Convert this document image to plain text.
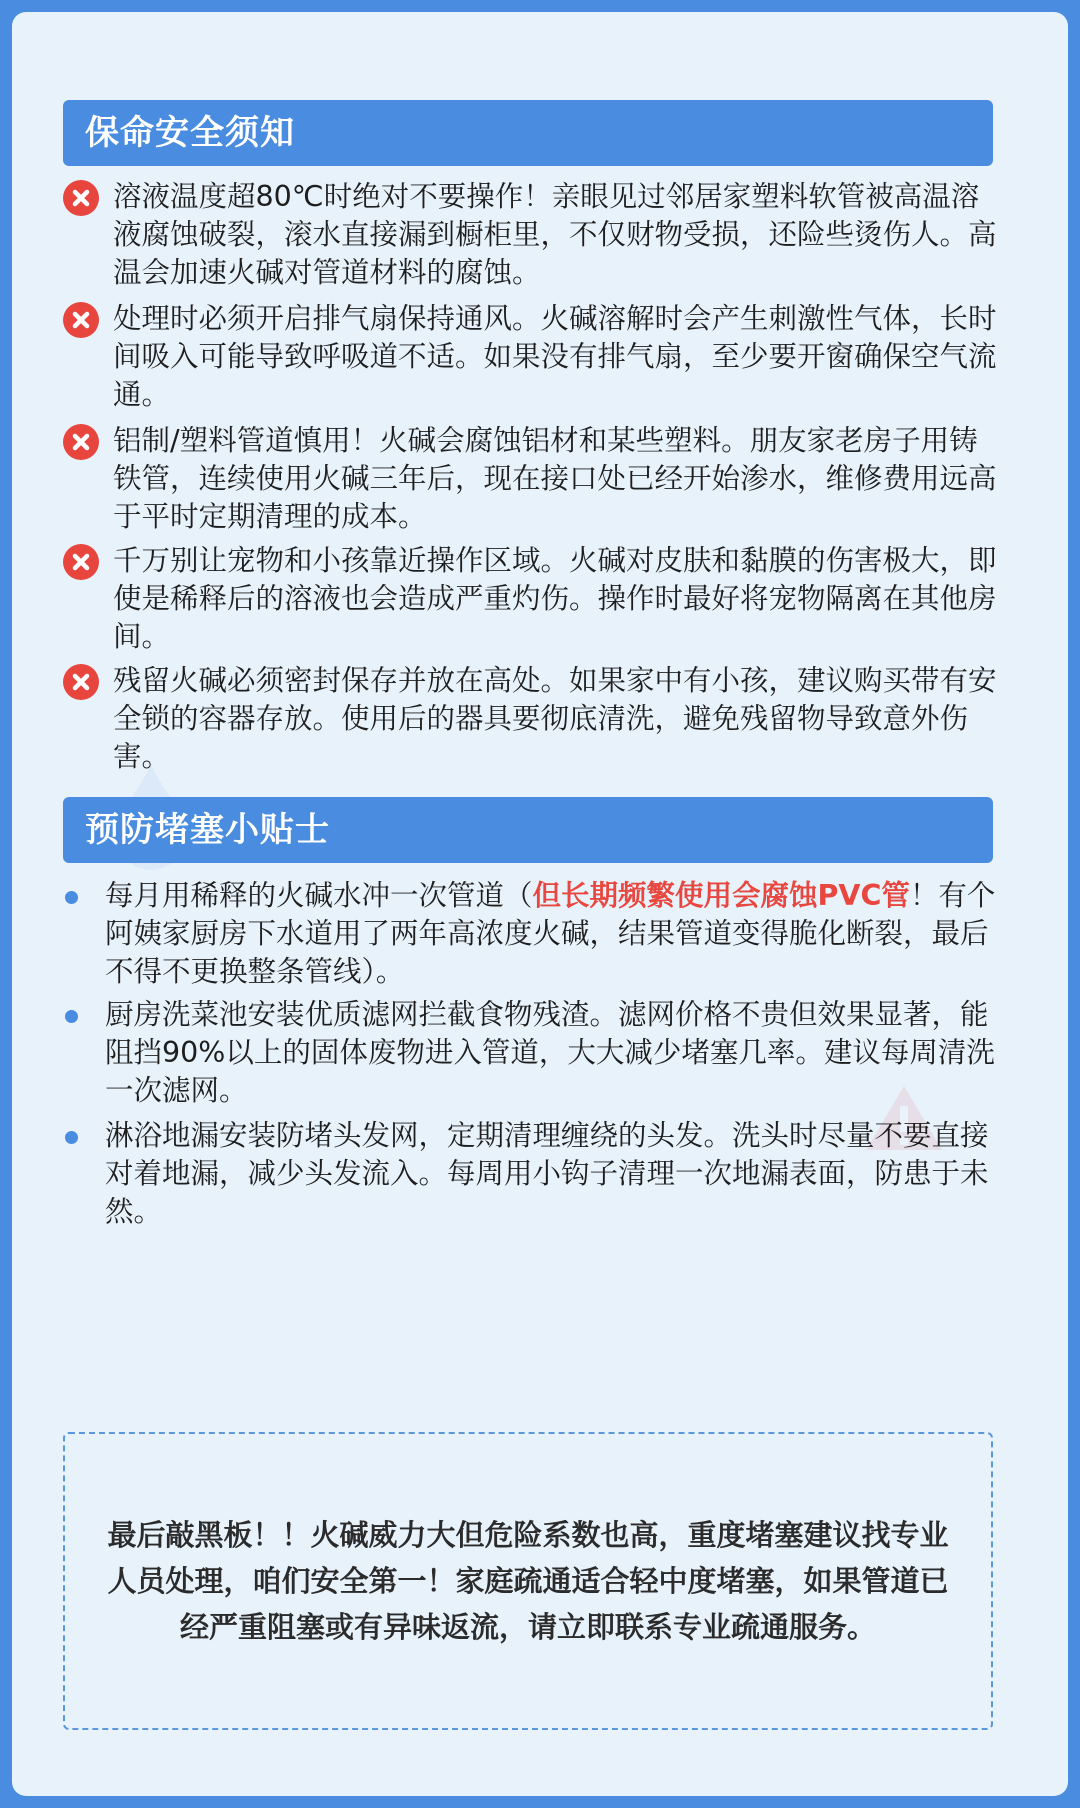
保命安全须知
溶液温度超80℃时绝对不要操作！亲眼见过邻居家塑料软管被高温溶液腐蚀破裂，滚水直接漏到橱柜里，不仅财物受损，还险些烫伤人。高温会加速火碱对管道材料的腐蚀。
处理时必须开启排气扇保持通风。火碱溶解时会产生刺激性气体，长时间吸入可能导致呼吸道不适。如果没有排气扇，至少要开窗确保空气流通。
铝制/塑料管道慎用！火碱会腐蚀铝材和某些塑料。朋友家老房子用铸铁管，连续使用火碱三年后，现在接口处已经开始渗水，维修费用远高于平时定期清理的成本。
千万别让宠物和小孩靠近操作区域。火碱对皮肤和黏膜的伤害极大，即使是稀释后的溶液也会造成严重灼伤。操作时最好将宠物隔离在其他房间。
残留火碱必须密封保存并放在高处。如果家中有小孩，建议购买带有安全锁的容器存放。使用后的器具要彻底清洗，避免残留物导致意外伤害。
预防堵塞小贴士
每月用稀释的火碱水冲一次管道（但长期频繁使用会腐蚀PVC管！有个阿姨家厨房下水道用了两年高浓度火碱，结果管道变得脆化断裂，最后不得不更换整条管线）。
厨房洗菜池安装优质滤网拦截食物残渣。滤网价格不贵但效果显著，能阻挡90%以上的固体废物进入管道，大大减少堵塞几率。建议每周清洗一次滤网。
淋浴地漏安装防堵头发网，定期清理缠绕的头发。洗头时尽量不要直接对着地漏，减少头发流入。每周用小钩子清理一次地漏表面，防患于未然。
最后敲黑板！！火碱威力大但危险系数也高，重度堵塞建议找专业人员处理，咱们安全第一！家庭疏通适合轻中度堵塞，如果管道已经严重阻塞或有异味返流，请立即联系专业疏通服务。
